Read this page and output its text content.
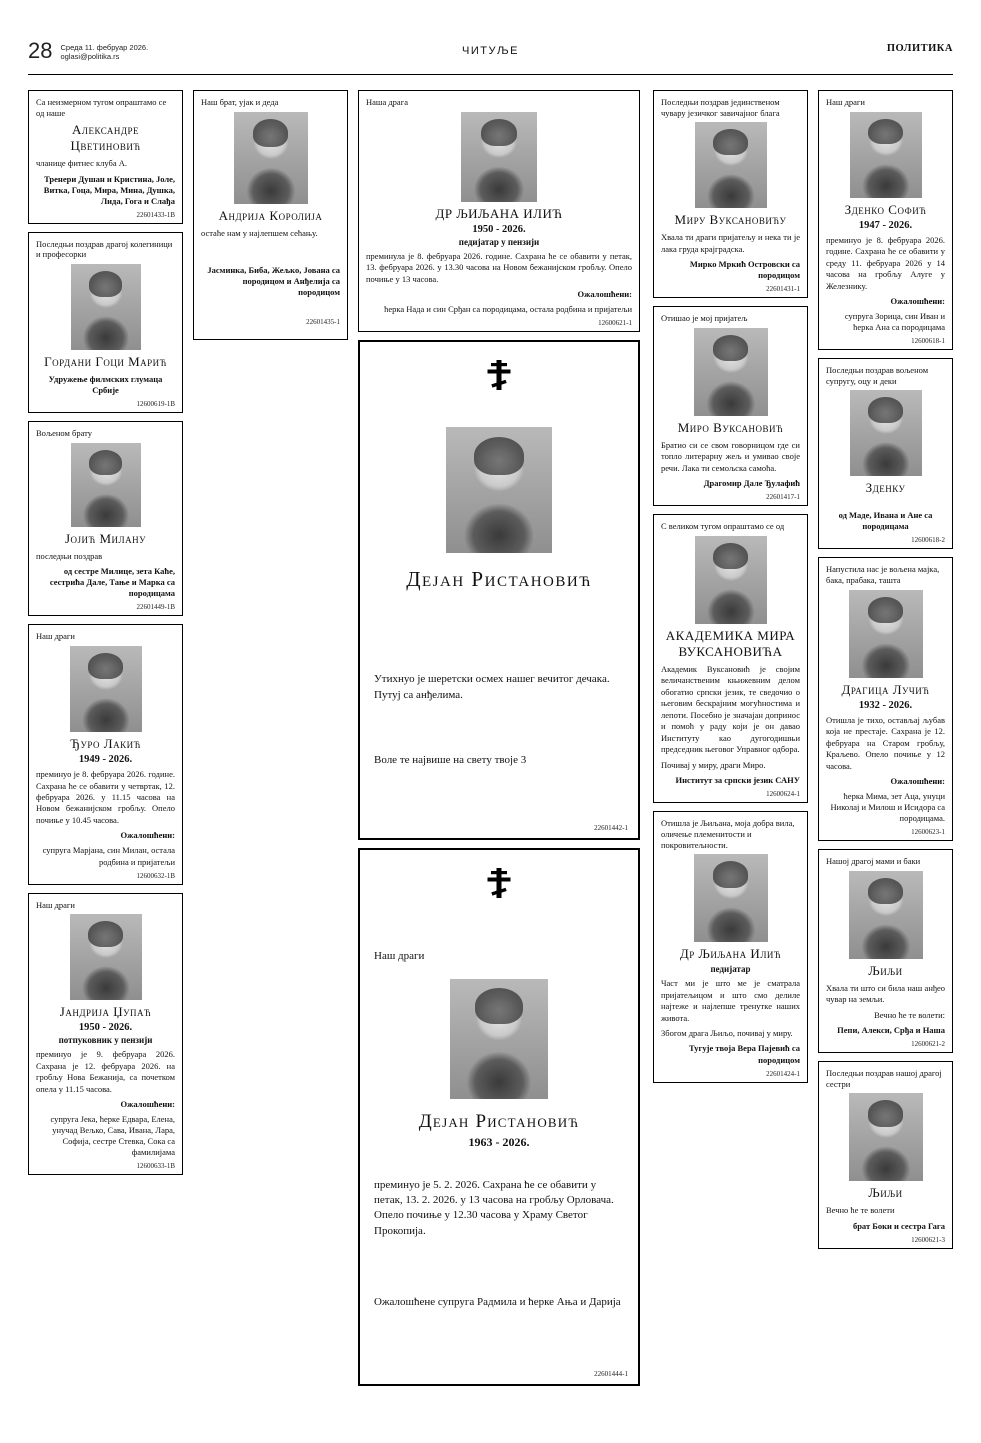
28 Среда 11. фебруар 2026.
oglasi@politika.rs	ЧИТУЉЕ	ПОЛИТИКА
Са неизмерном тугом опраштамо се од наше
Александре Цветиновић
чланице фитнес клуба А.
Тренери Душан и Кристина, Јоле, Витка, Гоца, Мира, Мина, Душка, Лида, Гога и Слађа
22601433-1В
Последњи поздрав драгој колегиници и професорки
Гордани Гоци Марић
Удружење филмских глумаца Србије
12600619-1В
Вољеном брату
Јојић Милану
последњи поздрав
од сестре Милице, зета Каће, сестрића Дале, Тање и Марка са породицама
22601449-1В
Наш драги
Ђуро Лакић
1949 - 2026.
преминуо је 8. фебруара 2026. године. Сахрана ће се обавити у четвртак, 12. фебруара 2026. у 11.15 часова на Новом бежанијском гробљу. Опело почиње у 10.45 часова.
Ожалошћени:
супруга Марјана, син Милан, остала родбина и пријатељи
12600632-1В
Наш драги
Јандрија Џупаћ
1950 - 2026.
потпуковник у пензији
преминуо је 9. фебруара 2026. Сахрана је 12. фебруара 2026. на гробљу Нова Бежанија, са почетком опела у 11.15 часова.
Ожалошћени:
супруга Јека, ћерке Едвара, Елена, унучад Вељко, Сава, Ивана, Лара, Софија, сестре Стевка, Сока са фамилијама
12600633-1В
Наш брат, ујак и деда
Андрија Королија
остаће нам у најлепшем сећању.
Јасминка, Биба, Жељко, Јована са породицом и Анђелија са породицом
22601435-1
Наша драга
ДР ЉИЉАНА ИЛИЋ
1950 - 2026.
педијатар у пензији
преминула је 8. фебруара 2026. године. Сахрана ће се обавити у петак, 13. фебруара 2026. у 13.30 часова на Новом бежанијском гробљу. Опело почиње у 13 часова.
Ожалошћени:
ћерка Нада и син Срђан са породицама, остала родбина и пријатељи
12600621-1
Дејан Ристановић
Утихнуо је шеретски осмех нашег вечитог дечака. Путуј са анђелима.
Воле те највише на свету твоје 3
22601442-1
Наш драги
Дејан Ристановић
1963 - 2026.
преминуо је 5. 2. 2026. Сахрана ће се обавити у петак, 13. 2. 2026. у 13 часова на гробљу Орловача. Опело почиње у 12.30 часова у Храму Светог Прокопија.
Ожалошћене супруга Радмила и ћерке Ања и Дарија
22601444-1
Последњи поздрав јединственом чувару језичког завичајног блага
Миру Вуксановићу
Хвала ти драги пријатељу и нека ти је лака груда крајградска.
Мирко Мркић Островски са породицом
22601431-1
Отишао је мој пријатељ
Миро Вуксановић
Братио си се свом говорницом где си топло литерарну жељ и умивао своје речи. Лака ти семољска самоћа.
Драгомир Дале Ђулафић
22601417-1
С великом тугом опраштамо се од
АКАДЕМИКА МИРА ВУКСАНОВИЋА
Академик Вуксановић је својим величанственим књижевним делом обогатио српски језик, те сведочио о његовим бескрајним могућностима и лепоти. Посебно је значајан допринос и помоћ у раду који је он давао Институту као дугогодишњи председник његовог Управног одбора.
Почивај у миру, драги Миро.
Институт за српски језик САНУ
12600624-1
Отишла је Љиљана, моја добра вила, оличење племенитости и покровитељности.
Др Љиљана Илић
педијатар
Част ми је што ме је сматрала пријатељицом и што смо делиле најтеже и најлепше тренутке наших живота.
Збогом драга Љиљо, почивај у миру.
Тугује твоја Вера Пајевић са породицом
22601424-1
Наш драги
Зденко Софић
1947 - 2026.
преминуо је 8. фебруара 2026. године. Сахрана ће се обавити у среду 11. фебруара 2026 у 14 часова на гробљу Алуге у Железнику.
Ожалошћени:
супруга Зорица, син Иван и ћерка Ана са породицама
12600618-1
Последњи поздрав вољеном супругу, оцу и деки
Зденку
од Маде, Ивана и Ане са породицама
12600618-2
Напустила нас је вољена мајка, бака, прабака, ташта
Драгица Лучић
1932 - 2026.
Отишла је тихо, остављај љубав која не престаје. Сахрана је 12. фебруара на Старом гробљу, Краљево. Опело почиње у 12 часова.
Ожалошћени:
ћерка Мима, зет Аца, унуци Николај и Милош и Исидора са породицама.
12600623-1
Нашој драгој мами и баки
Љиљи
Хвала ти што си била наш анђео чувар на земљи.
Вечно ће те волети:
Пепи, Алекси, Срђа и Наша
12600621-2
Последњи поздрав нашој драгој сестри
Љиљи
Вечно ће те волети
брат Боки и сестра Гага
12600621-3
